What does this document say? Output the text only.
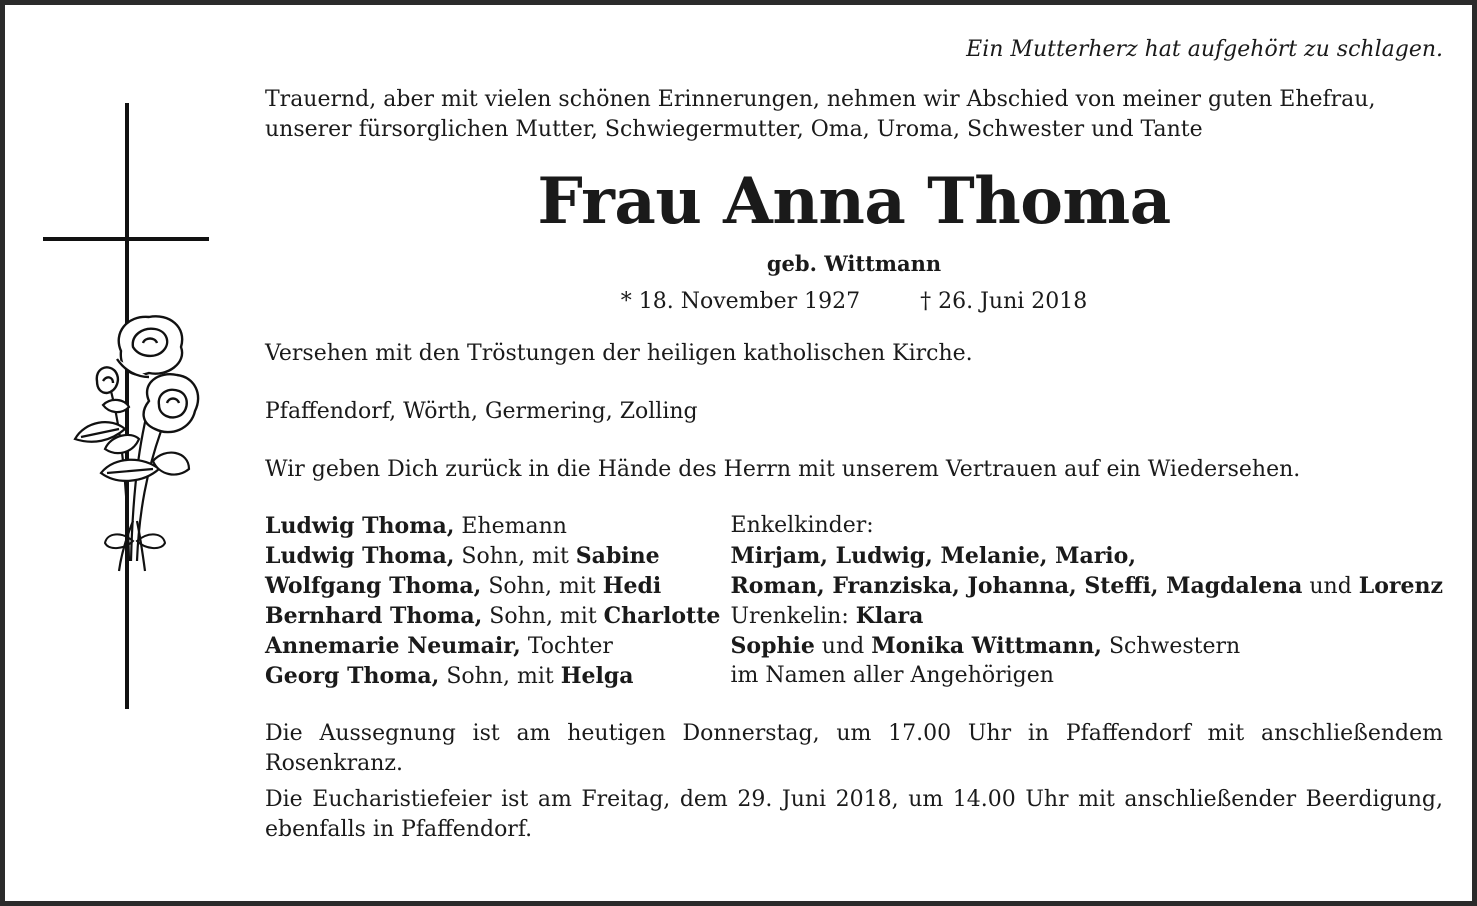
Ein Mutterherz hat aufgehört zu schlagen.

Trauernd, aber mit vielen schönen Erinnerungen, nehmen wir Abschied von meiner guten Ehefrau, unserer fürsorglichen Mutter, Schwiegermutter, Oma, Uroma, Schwester und Tante

Frau Anna Thoma

geb. Wittmann

* 18. November 1927	† 26. Juni 2018

Versehen mit den Tröstungen der heiligen katholischen Kirche.

Pfaffendorf, Wörth, Germering, Zolling

Wir geben Dich zurück in die Hände des Herrn mit unserem Vertrauen auf ein Wiedersehen.

Ludwig Thoma, Ehemann

Ludwig Thoma, Sohn, mit Sabine

Wolfgang Thoma, Sohn, mit Hedi

Bernhard Thoma, Sohn, mit Charlotte

Annemarie Neumair, Tochter

Georg Thoma, Sohn, mit Helga

Enkelkinder:

Mirjam, Ludwig, Melanie, Mario,

Roman, Franziska, Johanna, Steffi, Magdalena und Lorenz

Urenkelin: Klara

Sophie und Monika Wittmann, Schwestern

im Namen aller Angehörigen

Die Aussegnung ist am heutigen Donnerstag, um 17.00 Uhr in Pfaffendorf mit anschließendem Rosenkranz.

Die Eucharistiefeier ist am Freitag, dem 29. Juni 2018, um 14.00 Uhr mit anschließender Beerdigung, ebenfalls in Pfaffendorf.
